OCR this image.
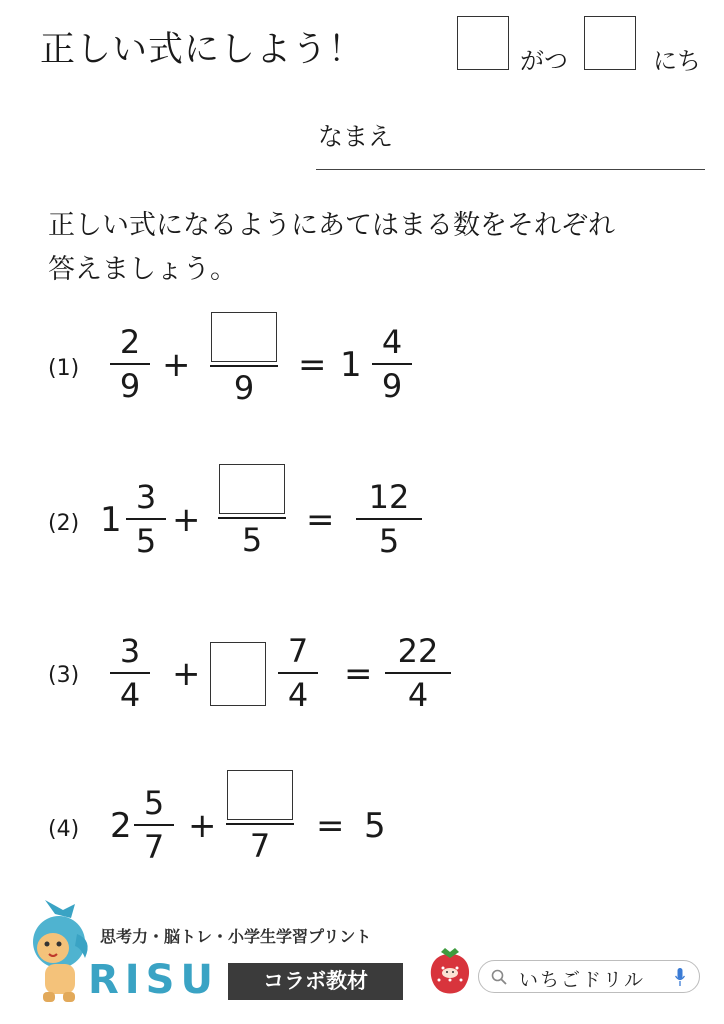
正しい式にしよう！	がつ	にち
なまえ
正しい式になるようにあてはまる数をそれぞれ
答えましょう。
(1)
2
9
+
9
= 1
4
9
(2) 1
3
5
+	5	=
12
5
(3)
3
4
+
7
4
=
22
4
(4) 2
5
7
+	7	= 5
思考力・脳トレ・小学生学習プリント
RISU	コラボ教材	いちごドリル
